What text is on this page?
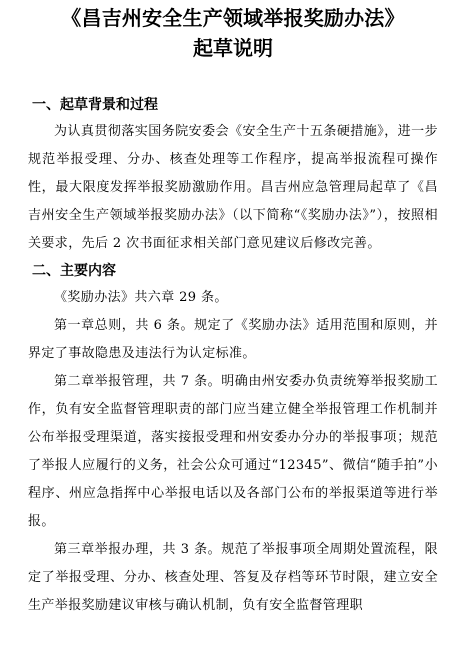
《昌吉州安全生产领域举报奖励办法》
起草说明
一、起草背景和过程

为认真贯彻落实国务院安委会《安全生产十五条硬措施》，进一步规范举报受理、分办、核查处理等工作程序，提高举报流程可操作性，最大限度发挥举报奖励激励作用。昌吉州应急管理局起草了《昌吉州安全生产领域举报奖励办法》（以下简称“《奖励办法》”），按照相关要求，先后 2 次书面征求相关部门意见建议后修改完善。

二、主要内容

《奖励办法》共六章 29 条。

第一章总则，共 6 条。规定了《奖励办法》适用范围和原则，并界定了事故隐患及违法行为认定标准。

第二章举报管理，共 7 条。明确由州安委办负责统筹举报奖励工作，负有安全监督管理职责的部门应当建立健全举报管理工作机制并公布举报受理渠道，落实接报受理和州安委办分办的举报事项；规范了举报人应履行的义务，社会公众可通过“12345”、微信“随手拍”小程序、州应急指挥中心举报电话以及各部门公布的举报渠道等进行举报。

第三章举报办理，共 3 条。规范了举报事项全周期处置流程，限定了举报受理、分办、核查处理、答复及存档等环节时限，建立安全生产举报奖励建议审核与确认机制，负有安全监督管理职
